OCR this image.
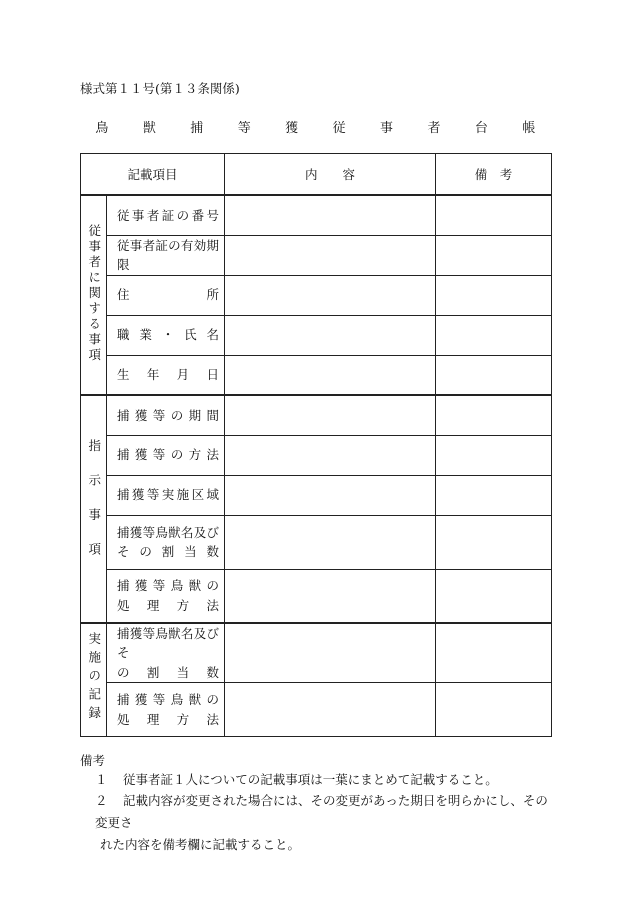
様式第１１号(第１３条関係)
鳥	獣	捕	等	獲	従	事	者	台	帳
記載項目		内　　容	備　考
従事者に関する事項	従事者証の番号		

	従事者証の有効期限		

	住　所		

	職業・氏名		

	生年月日		

指示事項	捕獲等の期間		

	捕獲等の方法		

	捕獲等実施区域		

	捕獲等鳥獣名及び
その割当数		

	捕獲等鳥獣の
処理方法		

実施の記録	捕獲等鳥獣名及びそ
の割当数		

	捕獲等鳥獣の
処理方法		

備考
１ 従事者証１人についての記載事項は一葉にまとめて記載すること。
２ 記載内容が変更された場合には、その変更があった期日を明らかにし、その変更さ
れた内容を備考欄に記載すること。
